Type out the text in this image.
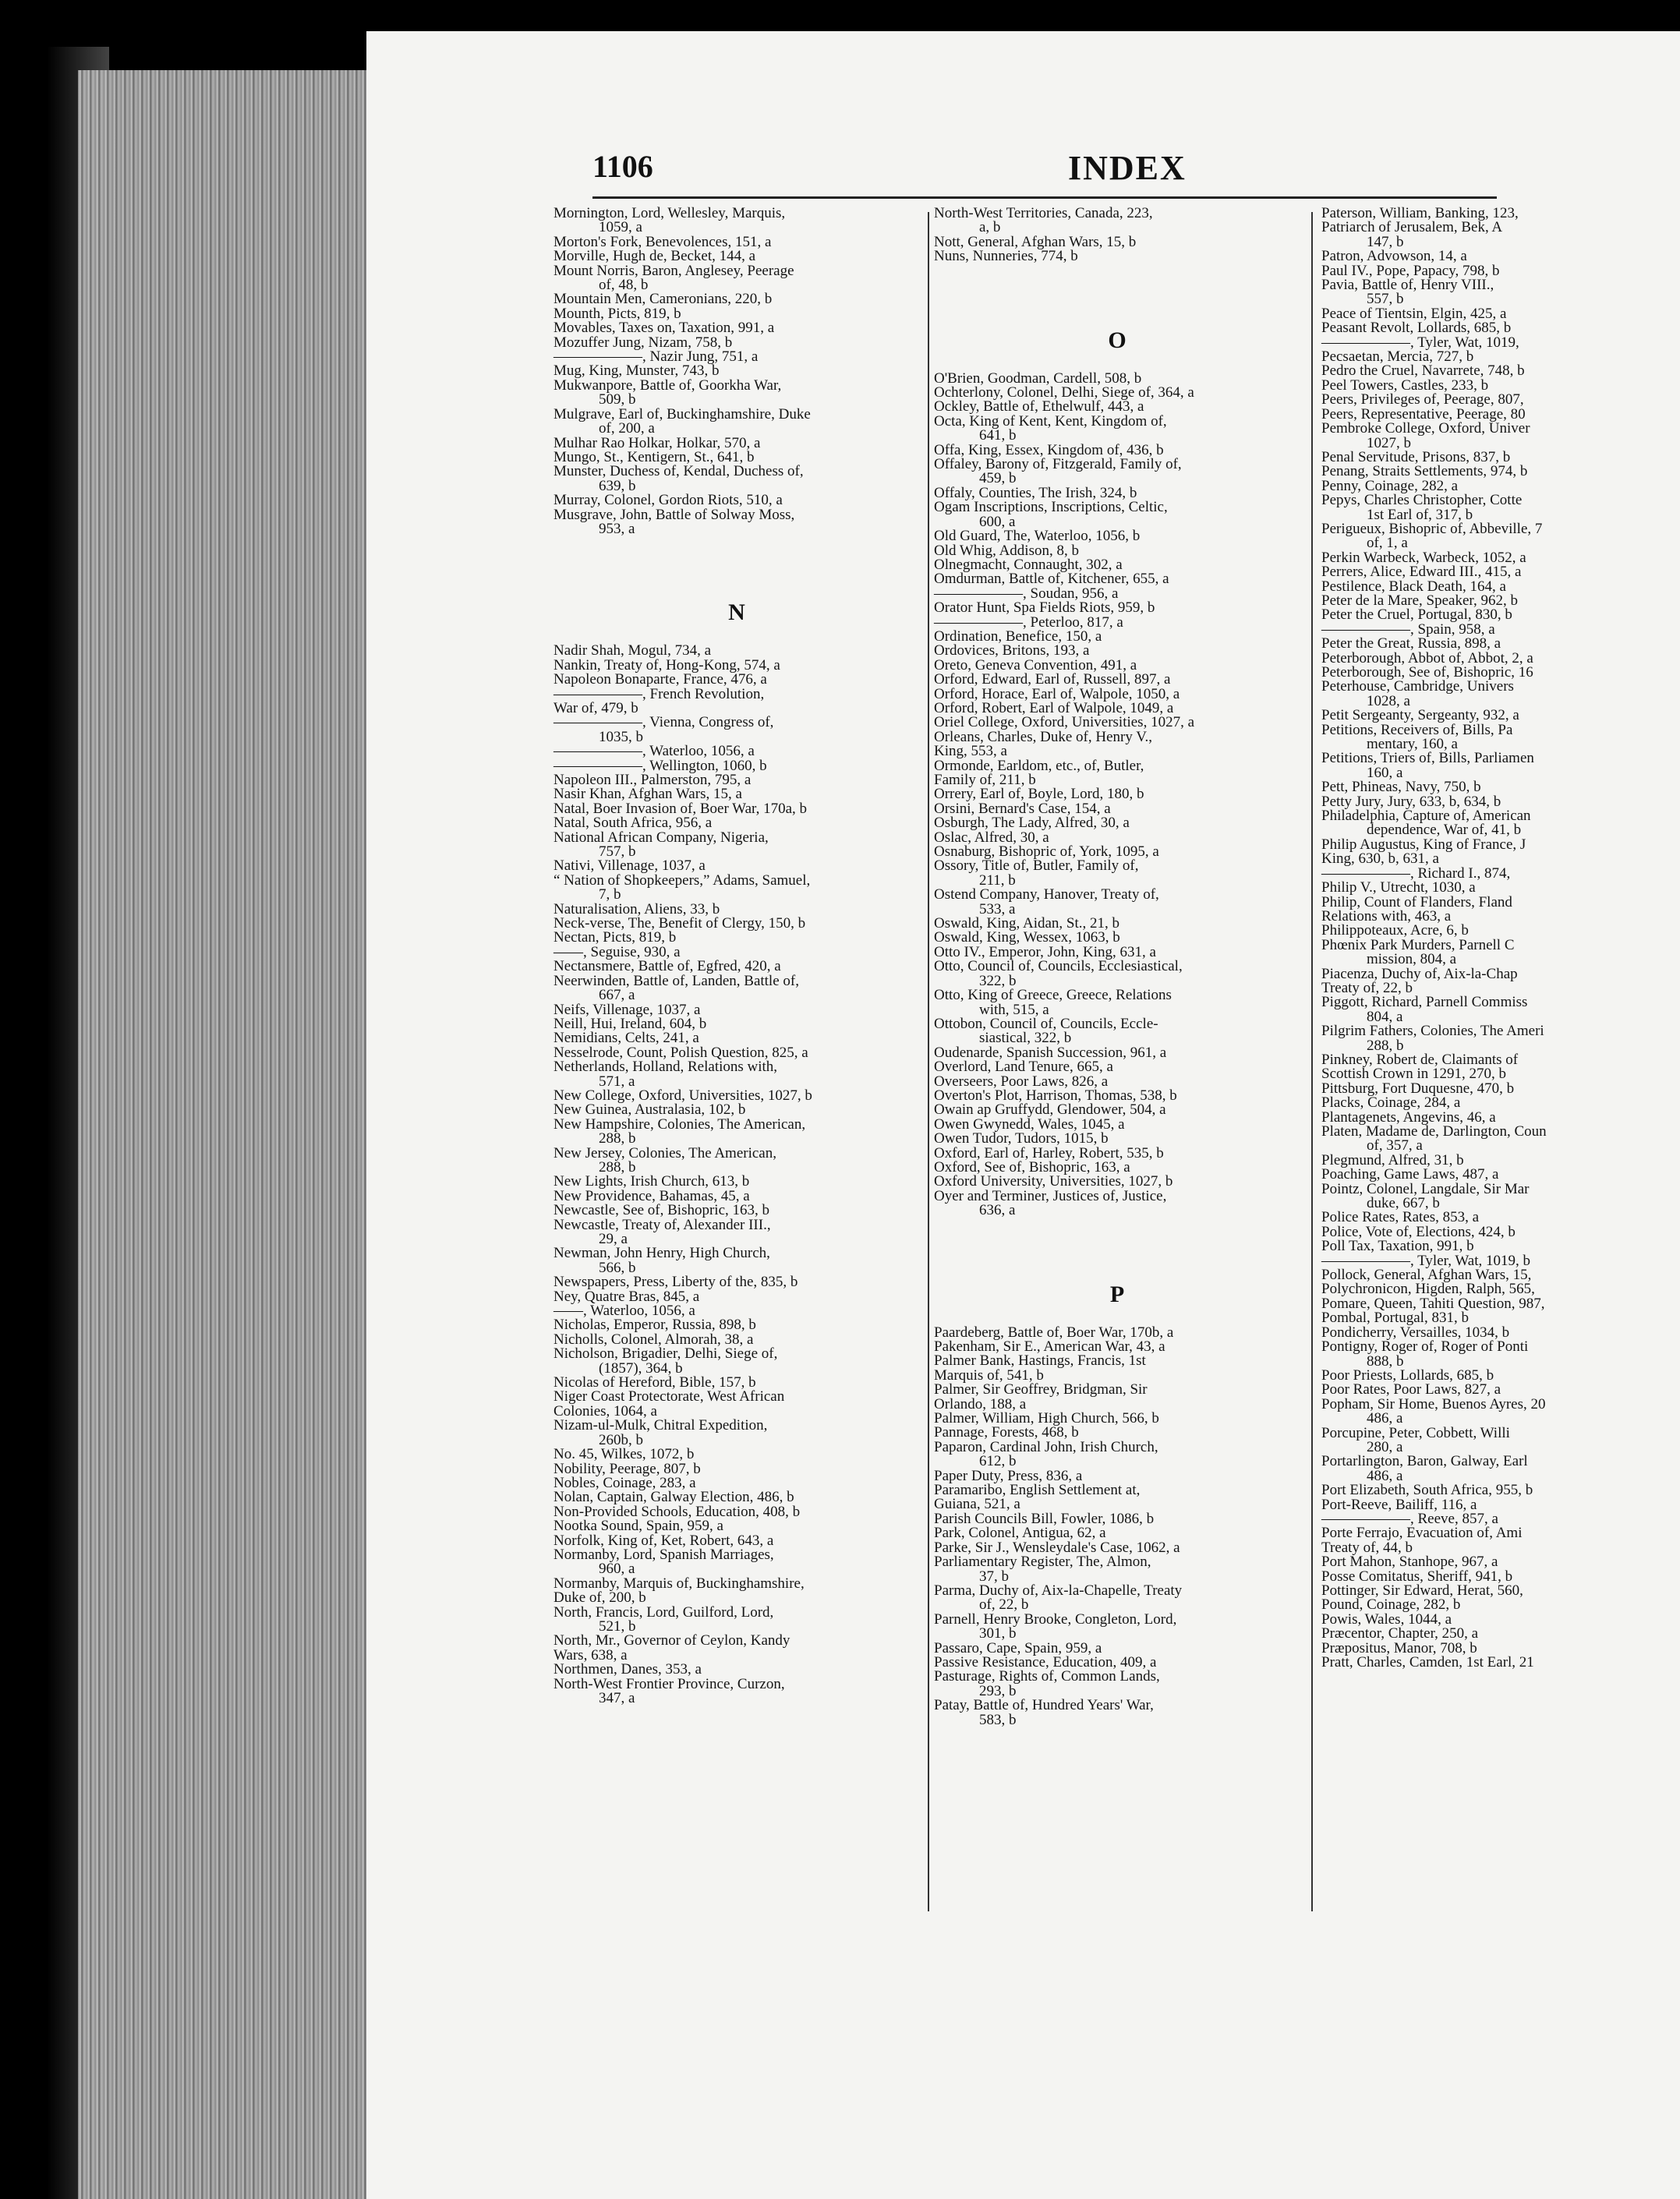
1106	INDEX
Mornington, Lord, Wellesley, Marquis,
1059, a
Morton's Fork, Benevolences, 151, a
Morville, Hugh de, Becket, 144, a
Mount Norris, Baron, Anglesey, Peerage
of, 48, b
Mountain Men, Cameronians, 220, b
Mounth, Picts, 819, b
Movables, Taxes on, Taxation, 991, a
Mozuffer Jung, Nizam, 758, b
——————, Nazir Jung, 751, a
Mug, King, Munster, 743, b
Mukwanpore, Battle of, Goorkha War,
509, b
Mulgrave, Earl of, Buckinghamshire, Duke
of, 200, a
Mulhar Rao Holkar, Holkar, 570, a
Mungo, St., Kentigern, St., 641, b
Munster, Duchess of, Kendal, Duchess of,
639, b
Murray, Colonel, Gordon Riots, 510, a
Musgrave, John, Battle of Solway Moss,
953, a
N
Nadir Shah, Mogul, 734, a
Nankin, Treaty of, Hong-Kong, 574, a
Napoleon Bonaparte, France, 476, a
——————, French Revolution,
War of, 479, b
——————, Vienna, Congress of,
1035, b
——————, Waterloo, 1056, a
——————, Wellington, 1060, b
Napoleon III., Palmerston, 795, a
Nasir Khan, Afghan Wars, 15, a
Natal, Boer Invasion of, Boer War, 170a, b
Natal, South Africa, 956, a
National African Company, Nigeria,
757, b
Nativi, Villenage, 1037, a
“ Nation of Shopkeepers,” Adams, Samuel,
7, b
Naturalisation, Aliens, 33, b
Neck-verse, The, Benefit of Clergy, 150, b
Nectan, Picts, 819, b
——, Seguise, 930, a
Nectansmere, Battle of, Egfred, 420, a
Neerwinden, Battle of, Landen, Battle of,
667, a
Neifs, Villenage, 1037, a
Neill, Hui, Ireland, 604, b
Nemidians, Celts, 241, a
Nesselrode, Count, Polish Question, 825, a
Netherlands, Holland, Relations with,
571, a
New College, Oxford, Universities, 1027, b
New Guinea, Australasia, 102, b
New Hampshire, Colonies, The American,
288, b
New Jersey, Colonies, The American,
288, b
New Lights, Irish Church, 613, b
New Providence, Bahamas, 45, a
Newcastle, See of, Bishopric, 163, b
Newcastle, Treaty of, Alexander III.,
29, a
Newman, John Henry, High Church,
566, b
Newspapers, Press, Liberty of the, 835, b
Ney, Quatre Bras, 845, a
——, Waterloo, 1056, a
Nicholas, Emperor, Russia, 898, b
Nicholls, Colonel, Almorah, 38, a
Nicholson, Brigadier, Delhi, Siege of,
(1857), 364, b
Nicolas of Hereford, Bible, 157, b
Niger Coast Protectorate, West African
Colonies, 1064, a
Nizam-ul-Mulk, Chitral Expedition,
260b, b
No. 45, Wilkes, 1072, b
Nobility, Peerage, 807, b
Nobles, Coinage, 283, a
Nolan, Captain, Galway Election, 486, b
Non-Provided Schools, Education, 408, b
Nootka Sound, Spain, 959, a
Norfolk, King of, Ket, Robert, 643, a
Normanby, Lord, Spanish Marriages,
960, a
Normanby, Marquis of, Buckinghamshire,
Duke of, 200, b
North, Francis, Lord, Guilford, Lord,
521, b
North, Mr., Governor of Ceylon, Kandy
Wars, 638, a
Northmen, Danes, 353, a
North-West Frontier Province, Curzon,
347, a
North-West Territories, Canada, 223,
a, b
Nott, General, Afghan Wars, 15, b
Nuns, Nunneries, 774, b
O
O'Brien, Goodman, Cardell, 508, b
Ochterlony, Colonel, Delhi, Siege of, 364, a
Ockley, Battle of, Ethelwulf, 443, a
Octa, King of Kent, Kent, Kingdom of,
641, b
Offa, King, Essex, Kingdom of, 436, b
Offaley, Barony of, Fitzgerald, Family of,
459, b
Offaly, Counties, The Irish, 324, b
Ogam Inscriptions, Inscriptions, Celtic,
600, a
Old Guard, The, Waterloo, 1056, b
Old Whig, Addison, 8, b
Olnegmacht, Connaught, 302, a
Omdurman, Battle of, Kitchener, 655, a
——————, Soudan, 956, a
Orator Hunt, Spa Fields Riots, 959, b
——————, Peterloo, 817, a
Ordination, Benefice, 150, a
Ordovices, Britons, 193, a
Oreto, Geneva Convention, 491, a
Orford, Edward, Earl of, Russell, 897, a
Orford, Horace, Earl of, Walpole, 1050, a
Orford, Robert, Earl of Walpole, 1049, a
Oriel College, Oxford, Universities, 1027, a
Orleans, Charles, Duke of, Henry V.,
King, 553, a
Ormonde, Earldom, etc., of, Butler,
Family of, 211, b
Orrery, Earl of, Boyle, Lord, 180, b
Orsini, Bernard's Case, 154, a
Osburgh, The Lady, Alfred, 30, a
Oslac, Alfred, 30, a
Osnaburg, Bishopric of, York, 1095, a
Ossory, Title of, Butler, Family of,
211, b
Ostend Company, Hanover, Treaty of,
533, a
Oswald, King, Aidan, St., 21, b
Oswald, King, Wessex, 1063, b
Otto IV., Emperor, John, King, 631, a
Otto, Council of, Councils, Ecclesiastical,
322, b
Otto, King of Greece, Greece, Relations
with, 515, a
Ottobon, Council of, Councils, Eccle-
siastical, 322, b
Oudenarde, Spanish Succession, 961, a
Overlord, Land Tenure, 665, a
Overseers, Poor Laws, 826, a
Overton's Plot, Harrison, Thomas, 538, b
Owain ap Gruffydd, Glendower, 504, a
Owen Gwynedd, Wales, 1045, a
Owen Tudor, Tudors, 1015, b
Oxford, Earl of, Harley, Robert, 535, b
Oxford, See of, Bishopric, 163, a
Oxford University, Universities, 1027, b
Oyer and Terminer, Justices of, Justice,
636, a
P
Paardeberg, Battle of, Boer War, 170b, a
Pakenham, Sir E., American War, 43, a
Palmer Bank, Hastings, Francis, 1st
Marquis of, 541, b
Palmer, Sir Geoffrey, Bridgman, Sir
Orlando, 188, a
Palmer, William, High Church, 566, b
Pannage, Forests, 468, b
Paparon, Cardinal John, Irish Church,
612, b
Paper Duty, Press, 836, a
Paramaribo, English Settlement at,
Guiana, 521, a
Parish Councils Bill, Fowler, 1086, b
Park, Colonel, Antigua, 62, a
Parke, Sir J., Wensleydale's Case, 1062, a
Parliamentary Register, The, Almon,
37, b
Parma, Duchy of, Aix-la-Chapelle, Treaty
of, 22, b
Parnell, Henry Brooke, Congleton, Lord,
301, b
Passaro, Cape, Spain, 959, a
Passive Resistance, Education, 409, a
Pasturage, Rights of, Common Lands,
293, b
Patay, Battle of, Hundred Years' War,
583, b
Paterson, William, Banking, 123,
Patriarch of Jerusalem, Bek, A
147, b
Patron, Advowson, 14, a
Paul IV., Pope, Papacy, 798, b
Pavia, Battle of, Henry VIII.,
557, b
Peace of Tientsin, Elgin, 425, a
Peasant Revolt, Lollards, 685, b
——————, Tyler, Wat, 1019,
Pecsaetan, Mercia, 727, b
Pedro the Cruel, Navarrete, 748, b
Peel Towers, Castles, 233, b
Peers, Privileges of, Peerage, 807,
Peers, Representative, Peerage, 80
Pembroke College, Oxford, Univer
1027, b
Penal Servitude, Prisons, 837, b
Penang, Straits Settlements, 974, b
Penny, Coinage, 282, a
Pepys, Charles Christopher, Cotte
1st Earl of, 317, b
Perigueux, Bishopric of, Abbeville, 7
of, 1, a
Perkin Warbeck, Warbeck, 1052, a
Perrers, Alice, Edward III., 415, a
Pestilence, Black Death, 164, a
Peter de la Mare, Speaker, 962, b
Peter the Cruel, Portugal, 830, b
——————, Spain, 958, a
Peter the Great, Russia, 898, a
Peterborough, Abbot of, Abbot, 2, a
Peterborough, See of, Bishopric, 16
Peterhouse, Cambridge, Univers
1028, a
Petit Sergeanty, Sergeanty, 932, a
Petitions, Receivers of, Bills, Pa
mentary, 160, a
Petitions, Triers of, Bills, Parliamen
160, a
Pett, Phineas, Navy, 750, b
Petty Jury, Jury, 633, b, 634, b
Philadelphia, Capture of, American
dependence, War of, 41, b
Philip Augustus, King of France, J
King, 630, b, 631, a
——————, Richard I., 874,
Philip V., Utrecht, 1030, a
Philip, Count of Flanders, Fland
Relations with, 463, a
Philippoteaux, Acre, 6, b
Phœnix Park Murders, Parnell C
mission, 804, a
Piacenza, Duchy of, Aix-la-Chap
Treaty of, 22, b
Piggott, Richard, Parnell Commiss
804, a
Pilgrim Fathers, Colonies, The Ameri
288, b
Pinkney, Robert de, Claimants of
Scottish Crown in 1291, 270, b
Pittsburg, Fort Duquesne, 470, b
Placks, Coinage, 284, a
Plantagenets, Angevins, 46, a
Platen, Madame de, Darlington, Coun
of, 357, a
Plegmund, Alfred, 31, b
Poaching, Game Laws, 487, a
Pointz, Colonel, Langdale, Sir Mar
duke, 667, b
Police Rates, Rates, 853, a
Police, Vote of, Elections, 424, b
Poll Tax, Taxation, 991, b
——————, Tyler, Wat, 1019, b
Pollock, General, Afghan Wars, 15,
Polychronicon, Higden, Ralph, 565,
Pomare, Queen, Tahiti Question, 987,
Pombal, Portugal, 831, b
Pondicherry, Versailles, 1034, b
Pontigny, Roger of, Roger of Ponti
888, b
Poor Priests, Lollards, 685, b
Poor Rates, Poor Laws, 827, a
Popham, Sir Home, Buenos Ayres, 20
486, a
Porcupine, Peter, Cobbett, Willi
280, a
Portarlington, Baron, Galway, Earl
486, a
Port Elizabeth, South Africa, 955, b
Port-Reeve, Bailiff, 116, a
——————, Reeve, 857, a
Porte Ferrajo, Evacuation of, Ami
Treaty of, 44, b
Port Mahon, Stanhope, 967, a
Posse Comitatus, Sheriff, 941, b
Pottinger, Sir Edward, Herat, 560,
Pound, Coinage, 282, b
Powis, Wales, 1044, a
Præcentor, Chapter, 250, a
Præpositus, Manor, 708, b
Pratt, Charles, Camden, 1st Earl, 21
